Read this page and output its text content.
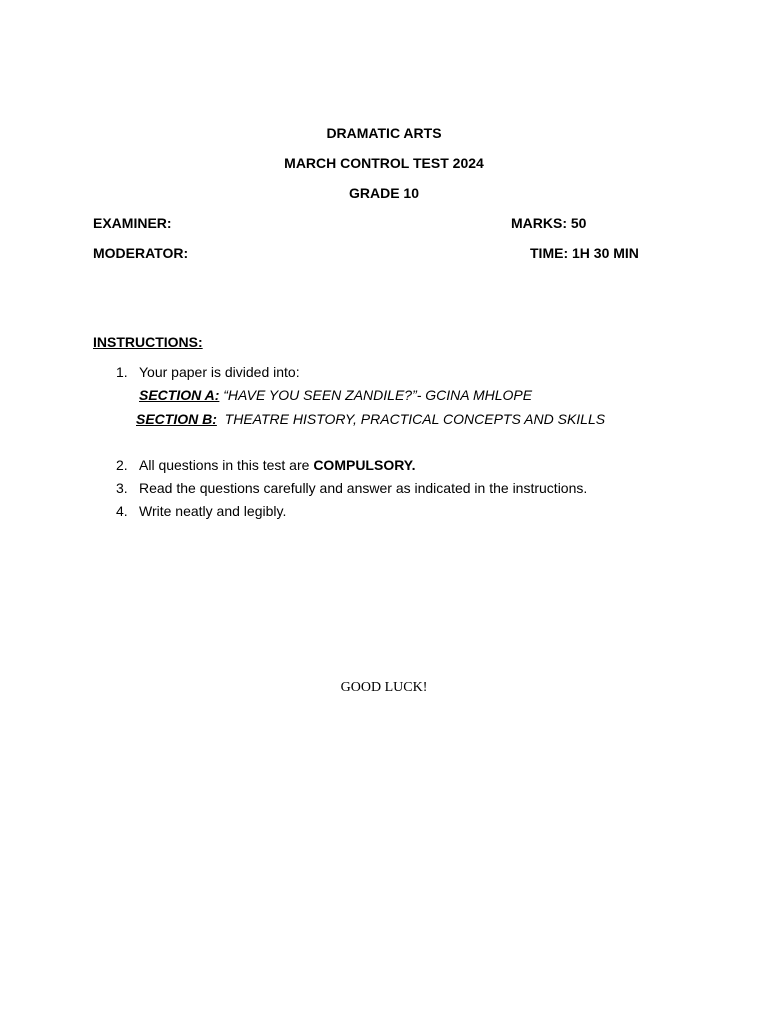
DRAMATIC ARTS
MARCH CONTROL TEST 2024
GRADE 10
EXAMINER:	MARKS: 50
MODERATOR:	TIME: 1H 30 MIN
INSTRUCTIONS:
1. Your paper is divided into:
SECTION A: “HAVE YOU SEEN ZANDILE?”- GCINA MHLOPE
SECTION B:  THEATRE HISTORY, PRACTICAL CONCEPTS AND SKILLS
2. All questions in this test are COMPULSORY.
3. Read the questions carefully and answer as indicated in the instructions.
4. Write neatly and legibly.
GOOD LUCK!
